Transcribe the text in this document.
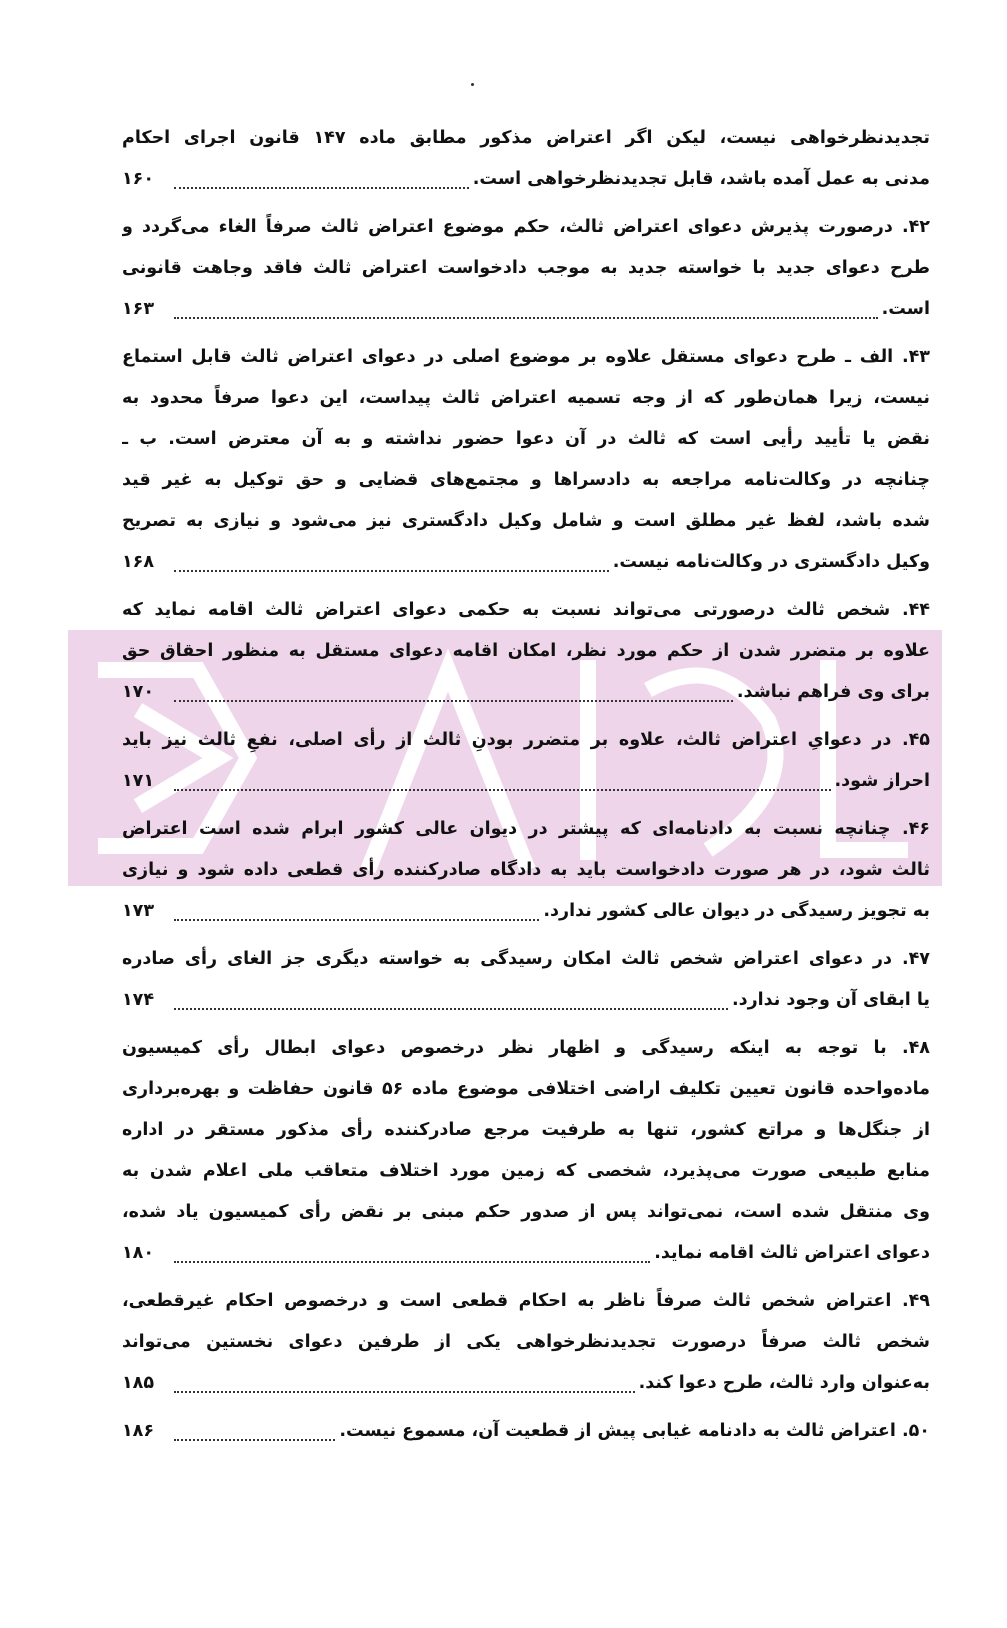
تجدیدنظرخواهی نیست، لیکن اگر اعتراض مذکور مطابق ماده ۱۴۷ قانون اجرای احکام
مدنی به عمل آمده باشد، قابل تجدیدنظرخواهی است.
۱۶۰
۴۲. درصورت پذیرش دعوای اعتراض ثالث، حکم موضوع اعتراض ثالث صرفاً الغاء می‌گردد و
طرح دعوای جدید با خواسته جدید به موجب دادخواست اعتراض ثالث فاقد وجاهت قانونی
است.
۱۶۳
۴۳. الف ـ طرح دعوای مستقل علاوه بر موضوع اصلی در دعوای اعتراض ثالث قابل استماع
نیست، زیرا همان‌طور که از وجه تسمیه اعتراض ثالث پیداست، این دعوا صرفاً محدود به
نقض یا تأیید رأیی است که ثالث در آن دعوا حضور نداشته و به آن معترض است. ب ـ
چنانچه در وکالت‌نامه مراجعه به دادسراها و مجتمع‌های قضایی و حق توکیل به غیر قید
شده باشد، لفظ غیر مطلق است و شامل وکیل دادگستری نیز می‌شود و نیازی به تصریح
وکیل دادگستری در وکالت‌نامه نیست.
۱۶۸
۴۴. شخص ثالث درصورتی می‌تواند نسبت به حکمی دعوای اعتراض ثالث اقامه نماید که
علاوه بر متضرر شدن از حکم مورد نظر، امکان اقامه دعوای مستقل به منظور احقاق حق
برای وی فراهم نباشد.
۱۷۰
۴۵. در دعوایِ اعتراض ثالث، علاوه بر متضرر بودنِ ثالث از رأی اصلی، نفعِ ثالث نیز باید
احراز شود.
۱۷۱
۴۶. چنانچه نسبت به دادنامه‌ای که پیشتر در دیوان عالی کشور ابرام شده است اعتراض
ثالث شود، در هر صورت دادخواست باید به دادگاه صادرکننده رأی قطعی داده شود و نیازی
به تجویز رسیدگی در دیوان عالی کشور ندارد.
۱۷۳
۴۷. در دعوای اعتراض شخص ثالث امکان رسیدگی به خواسته دیگری جز الغای رأی صادره
یا ابقای آن وجود ندارد.
۱۷۴
۴۸. با توجه به اینکه رسیدگی و اظهار نظر درخصوص دعوای ابطال رأی کمیسیون
ماده‌واحده قانون تعیین تکلیف اراضی اختلافی موضوع ماده ۵۶ قانون حفاظت و بهره‌برداری
از جنگل‌ها و مراتع کشور، تنها به طرفیت مرجع صادرکننده رأی مذکور مستقر در اداره
منابع طبیعی صورت می‌پذیرد، شخصی که زمین مورد اختلاف متعاقب ملی اعلام شدن به
وی منتقل شده است، نمی‌تواند پس از صدور حکم مبنی بر نقض رأی کمیسیون یاد شده،
دعوای اعتراض ثالث اقامه نماید.
۱۸۰
۴۹. اعتراض شخص ثالث صرفاً ناظر به احکام قطعی است و درخصوص احکام غیرقطعی،
شخص ثالث صرفاً درصورت تجدیدنظرخواهی یکی از طرفین دعوای نخستین می‌تواند
به‌عنوان وارد ثالث، طرح دعوا کند.
۱۸۵
۵۰. اعتراض ثالث به دادنامه غیابی پیش از قطعیت آن، مسموع نیست.
۱۸۶
